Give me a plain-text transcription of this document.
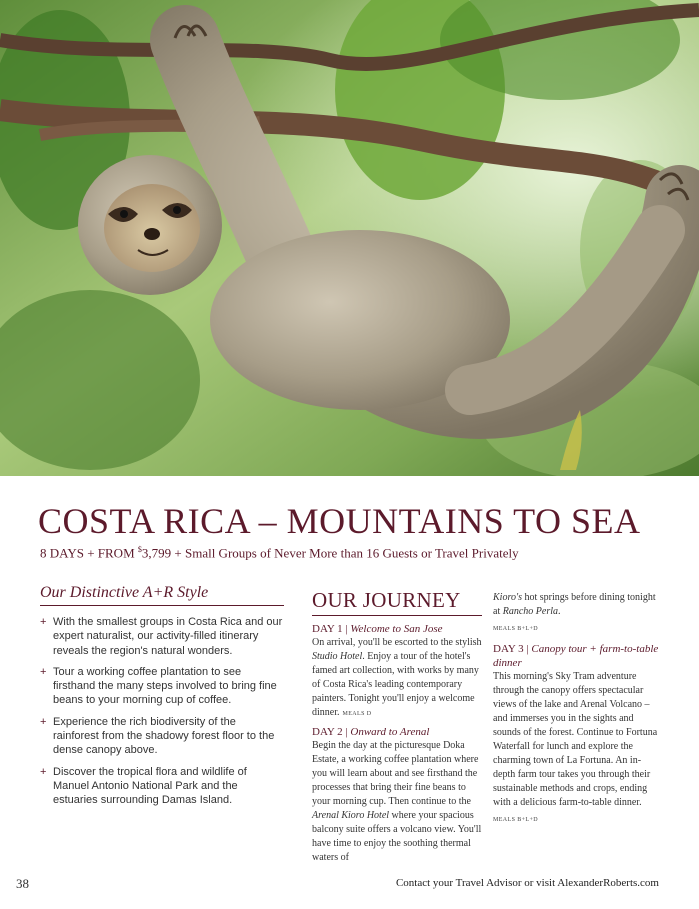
COSTA RICA – MOUNTAINS TO SEA
8 DAYS + FROM $3,799 + Small Groups of Never More than 16 Guests or Travel Privately
Our Distinctive A+R Style
+ With the smallest groups in Costa Rica and our expert naturalist, our activity-filled itinerary reveals the region's natural wonders.
+ Tour a working coffee plantation to see firsthand the many steps involved to bring fine beans to your morning cup of coffee.
+ Experience the rich biodiversity of the rainforest from the shadowy forest floor to the dense canopy above.
+ Discover the tropical flora and wildlife of Manuel Antonio National Park and the estuaries surrounding Damas Island.
OUR JOURNEY
DAY 1 | Welcome to San Jose
On arrival, you'll be escorted to the stylish Studio Hotel. Enjoy a tour of the hotel's famed art collection, with works by many of Costa Rica's leading contemporary painters. Tonight you'll enjoy a welcome dinner. MEALS D
DAY 2 | Onward to Arenal
Begin the day at the picturesque Doka Estate, a working coffee plantation where you will learn about and see firsthand the processes that bring their fine beans to your morning cup. Then continue to the Arenal Kioro Hotel where your spacious balcony suite offers a volcano view. You'll have time to enjoy the soothing thermal waters of
Kioro's hot springs before dining tonight at Rancho Perla.
MEALS B+L+D
DAY 3 | Canopy tour + farm-to-table dinner
This morning's Sky Tram adventure through the canopy offers spectacular views of the lake and Arenal Volcano – and immerses you in the sights and sounds of the forest. Continue to Fortuna Waterfall for lunch and explore the charming town of La Fortuna. An in-depth farm tour takes you through their sustainable methods and crops, ending with a delicious farm-to-table dinner.
MEALS B+L+D
38	Contact your Travel Advisor or visit AlexanderRoberts.com
